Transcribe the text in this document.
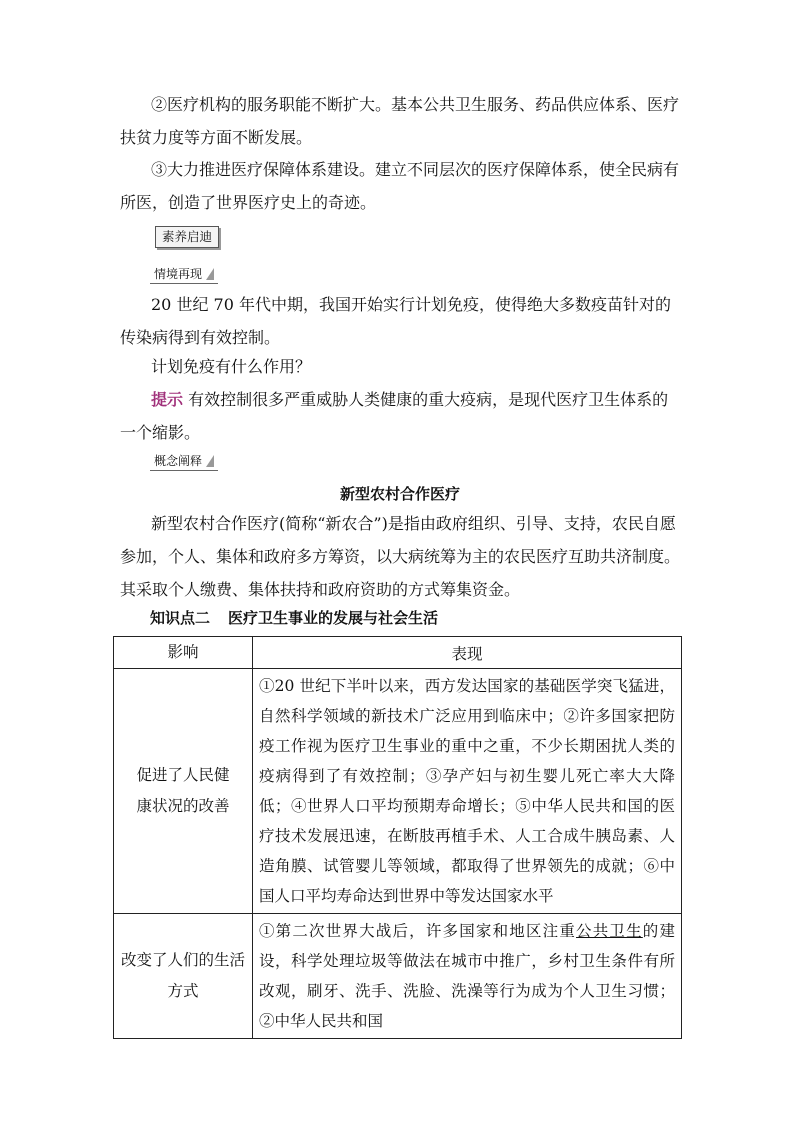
②医疗机构的服务职能不断扩大。基本公共卫生服务、药品供应体系、医疗扶贫力度等方面不断发展。

③大力推进医疗保障体系建设。建立不同层次的医疗保障体系，使全民病有所医，创造了世界医疗史上的奇迹。

素养启迪
情境再现

20 世纪 70 年代中期，我国开始实行计划免疫，使得绝大多数疫苗针对的传染病得到有效控制。

计划免疫有什么作用？

提示 有效控制很多严重威胁人类健康的重大疫病，是现代医疗卫生体系的一个缩影。

概念阐释
新型农村合作医疗

新型农村合作医疗(简称“新农合”)是指由政府组织、引导、支持，农民自愿参加，个人、集体和政府多方筹资，以大病统筹为主的农民医疗互助共济制度。其采取个人缴费、集体扶持和政府资助的方式筹集资金。

知识点二 医疗卫生事业的发展与社会生活
影响	表现
促进了人民健康状况的改善	①20 世纪下半叶以来，西方发达国家的基础医学突飞猛进，自然科学领域的新技术广泛应用到临床中；②许多国家把防疫工作视为医疗卫生事业的重中之重，不少长期困扰人类的疫病得到了有效控制；③孕产妇与初生婴儿死亡率大大降低；④世界人口平均预期寿命增长；⑤中华人民共和国的医疗技术发展迅速，在断肢再植手术、人工合成牛胰岛素、人造角膜、试管婴儿等领域，都取得了世界领先的成就；⑥中国人口平均寿命达到世界中等发达国家水平
改变了人们的生活方式	①第二次世界大战后，许多国家和地区注重公共卫生的建设，科学处理垃圾等做法在城市中推广，乡村卫生条件有所改观，刷牙、洗手、洗脸、洗澡等行为成为个人卫生习惯；②中华人民共和国
